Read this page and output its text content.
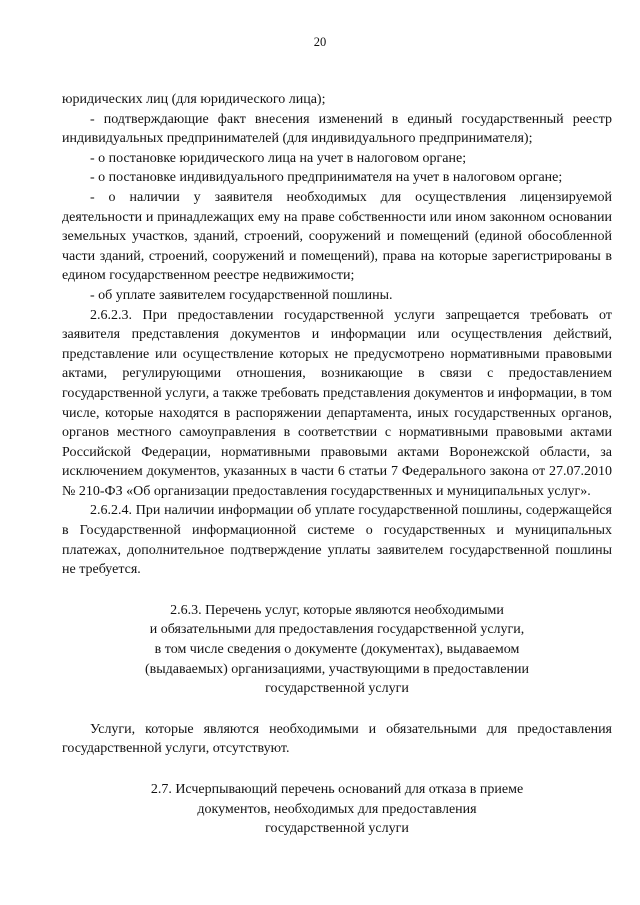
20

юридических лиц (для юридического лица);

- подтверждающие факт внесения изменений в единый государственный реестр индивидуальных предпринимателей (для индивидуального предпринимателя);

- о постановке юридического лица на учет в налоговом органе;

- о постановке индивидуального предпринимателя на учет в налоговом органе;

- о наличии у заявителя необходимых для осуществления лицензируемой деятельности и принадлежащих ему на праве собственности или ином законном основании земельных участков, зданий, строений, сооружений и помещений (единой обособленной части зданий, строений, сооружений и помещений), права на которые зарегистрированы в едином государственном реестре недвижимости;

- об уплате заявителем государственной пошлины.

2.6.2.3. При предоставлении государственной услуги запрещается требовать от заявителя представления документов и информации или осуществления действий, представление или осуществление которых не предусмотрено нормативными правовыми актами, регулирующими отношения, возникающие в связи с предоставлением государственной услуги, а также требовать представления документов и информации, в том числе, которые находятся в распоряжении департамента, иных государственных органов, органов местного самоуправления в соответствии с нормативными правовыми актами Российской Федерации, нормативными правовыми актами Воронежской области, за исключением документов, указанных в части 6 статьи 7 Федерального закона от 27.07.2010 № 210-ФЗ «Об организации предоставления государственных и муниципальных услуг».

2.6.2.4. При наличии информации об уплате государственной пошлины, содержащейся в Государственной информационной системе о государственных и муниципальных платежах, дополнительное подтверждение уплаты заявителем государственной пошлины не требуется.

2.6.3. Перечень услуг, которые являются необходимыми
и обязательными для предоставления государственной услуги,
в том числе сведения о документе (документах), выдаваемом
(выдаваемых) организациями, участвующими в предоставлении
государственной услуги

Услуги, которые являются необходимыми и обязательными для предоставления государственной услуги, отсутствуют.

2.7. Исчерпывающий перечень оснований для отказа в приеме
документов, необходимых для предоставления
государственной услуги
